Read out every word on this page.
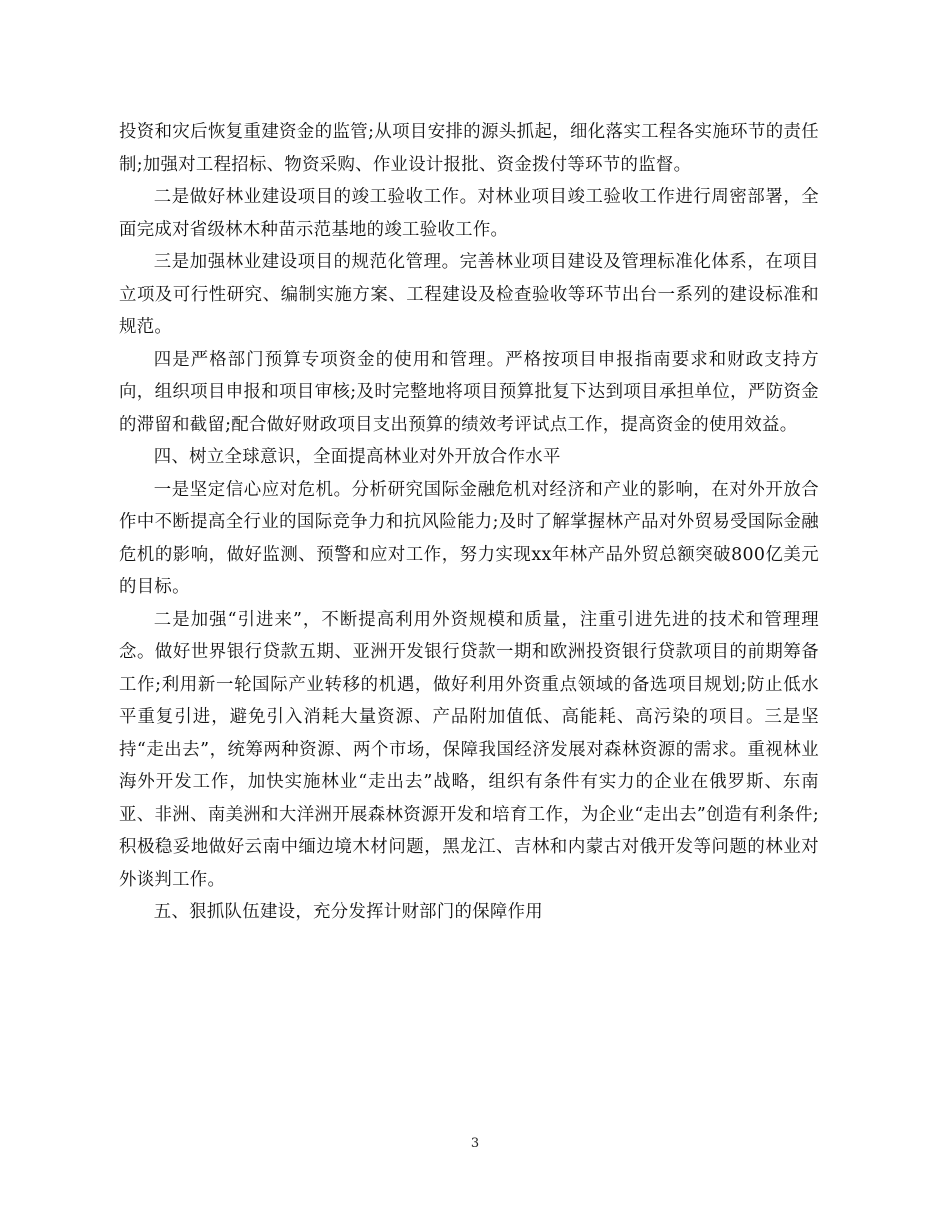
投资和灾后恢复重建资金的监管;从项目安排的源头抓起，细化落实工程各实施环节的责任制;加强对工程招标、物资采购、作业设计报批、资金拨付等环节的监督。

二是做好林业建设项目的竣工验收工作。对林业项目竣工验收工作进行周密部署，全面完成对省级林木种苗示范基地的竣工验收工作。

三是加强林业建设项目的规范化管理。完善林业项目建设及管理标准化体系，在项目立项及可行性研究、编制实施方案、工程建设及检查验收等环节出台一系列的建设标准和规范。

四是严格部门预算专项资金的使用和管理。严格按项目申报指南要求和财政支持方向，组织项目申报和项目审核;及时完整地将项目预算批复下达到项目承担单位，严防资金的滞留和截留;配合做好财政项目支出预算的绩效考评试点工作，提高资金的使用效益。

四、树立全球意识，全面提高林业对外开放合作水平

一是坚定信心应对危机。分析研究国际金融危机对经济和产业的影响，在对外开放合作中不断提高全行业的国际竞争力和抗风险能力;及时了解掌握林产品对外贸易受国际金融危机的影响，做好监测、预警和应对工作，努力实现xx年林产品外贸总额突破800亿美元的目标。

二是加强“引进来”，不断提高利用外资规模和质量，注重引进先进的技术和管理理念。做好世界银行贷款五期、亚洲开发银行贷款一期和欧洲投资银行贷款项目的前期筹备工作;利用新一轮国际产业转移的机遇，做好利用外资重点领域的备选项目规划;防止低水平重复引进，避免引入消耗大量资源、产品附加值低、高能耗、高污染的项目。三是坚持“走出去”，统筹两种资源、两个市场，保障我国经济发展对森林资源的需求。重视林业海外开发工作，加快实施林业“走出去”战略，组织有条件有实力的企业在俄罗斯、东南亚、非洲、南美洲和大洋洲开展森林资源开发和培育工作，为企业“走出去”创造有利条件;积极稳妥地做好云南中缅边境木材问题，黑龙江、吉林和内蒙古对俄开发等问题的林业对外谈判工作。

五、狠抓队伍建设，充分发挥计财部门的保障作用

3
